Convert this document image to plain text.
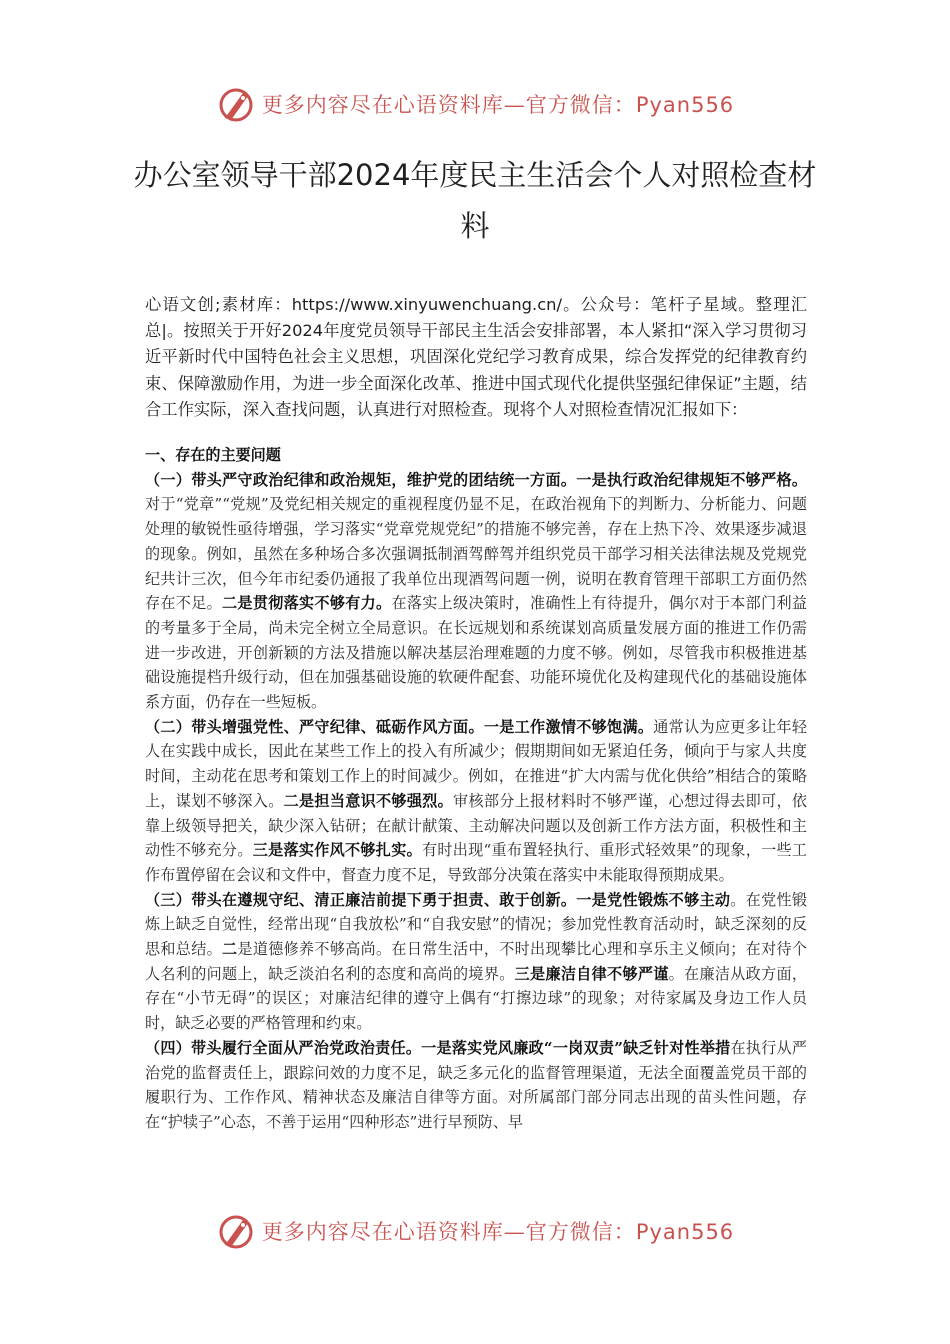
更多内容尽在心语资料库—官方微信：Pyan556
办公室领导干部2024年度民主生活会个人对照检查材料

心语文创;素材库：https://www.xinyuwenchuang.cn/。公众号：笔杆子星域。整理汇总|。按照关于开好2024年度党员领导干部民主生活会安排部署，本人紧扣“深入学习贯彻习近平新时代中国特色社会主义思想，巩固深化党纪学习教育成果，综合发挥党的纪律教育约束、保障激励作用，为进一步全面深化改革、推进中国式现代化提供坚强纪律保证”主题，结合工作实际，深入查找问题，认真进行对照检查。现将个人对照检查情况汇报如下：

一、存在的主要问题

（一）带头严守政治纪律和政治规矩，维护党的团结统一方面。一是执行政治纪律规矩不够严格。对于“党章”“党规”及党纪相关规定的重视程度仍显不足，在政治视角下的判断力、分析能力、问题处理的敏锐性亟待增强，学习落实“党章党规党纪”的措施不够完善，存在上热下冷、效果逐步减退的现象。例如，虽然在多种场合多次强调抵制酒驾醉驾并组织党员干部学习相关法律法规及党规党纪共计三次，但今年市纪委仍通报了我单位出现酒驾问题一例，说明在教育管理干部职工方面仍然存在不足。二是贯彻落实不够有力。在落实上级决策时，准确性上有待提升，偶尔对于本部门利益的考量多于全局，尚未完全树立全局意识。在长远规划和系统谋划高质量发展方面的推进工作仍需进一步改进，开创新颖的方法及措施以解决基层治理难题的力度不够。例如，尽管我市积极推进基础设施提档升级行动，但在加强基础设施的软硬件配套、功能环境优化及构建现代化的基础设施体系方面，仍存在一些短板。

（二）带头增强党性、严守纪律、砥砺作风方面。一是工作激情不够饱满。通常认为应更多让年轻人在实践中成长，因此在某些工作上的投入有所减少；假期期间如无紧迫任务，倾向于与家人共度时间，主动花在思考和策划工作上的时间减少。例如，在推进“扩大内需与优化供给”相结合的策略上，谋划不够深入。二是担当意识不够强烈。审核部分上报材料时不够严谨，心想过得去即可，依靠上级领导把关，缺少深入钻研；在献计献策、主动解决问题以及创新工作方法方面，积极性和主动性不够充分。三是落实作风不够扎实。有时出现“重布置轻执行、重形式轻效果”的现象，一些工作布置停留在会议和文件中，督查力度不足，导致部分决策在落实中未能取得预期成果。

（三）带头在遵规守纪、清正廉洁前提下勇于担责、敢于创新。一是党性锻炼不够主动。在党性锻炼上缺乏自觉性，经常出现“自我放松”和“自我安慰”的情况；参加党性教育活动时，缺乏深刻的反思和总结。二是道德修养不够高尚。在日常生活中，不时出现攀比心理和享乐主义倾向；在对待个人名利的问题上，缺乏淡泊名利的态度和高尚的境界。三是廉洁自律不够严谨。在廉洁从政方面，存在“小节无碍”的误区；对廉洁纪律的遵守上偶有“打擦边球”的现象；对待家属及身边工作人员时，缺乏必要的严格管理和约束。

（四）带头履行全面从严治党政治责任。一是落实党风廉政“一岗双责”缺乏针对性举措在执行从严治党的监督责任上，跟踪问效的力度不足，缺乏多元化的监督管理渠道，无法全面覆盖党员干部的履职行为、工作作风、精神状态及廉洁自律等方面。对所属部门部分同志出现的苗头性问题，存在“护犊子”心态，不善于运用“四种形态”进行早预防、早

更多内容尽在心语资料库—官方微信：Pyan556
